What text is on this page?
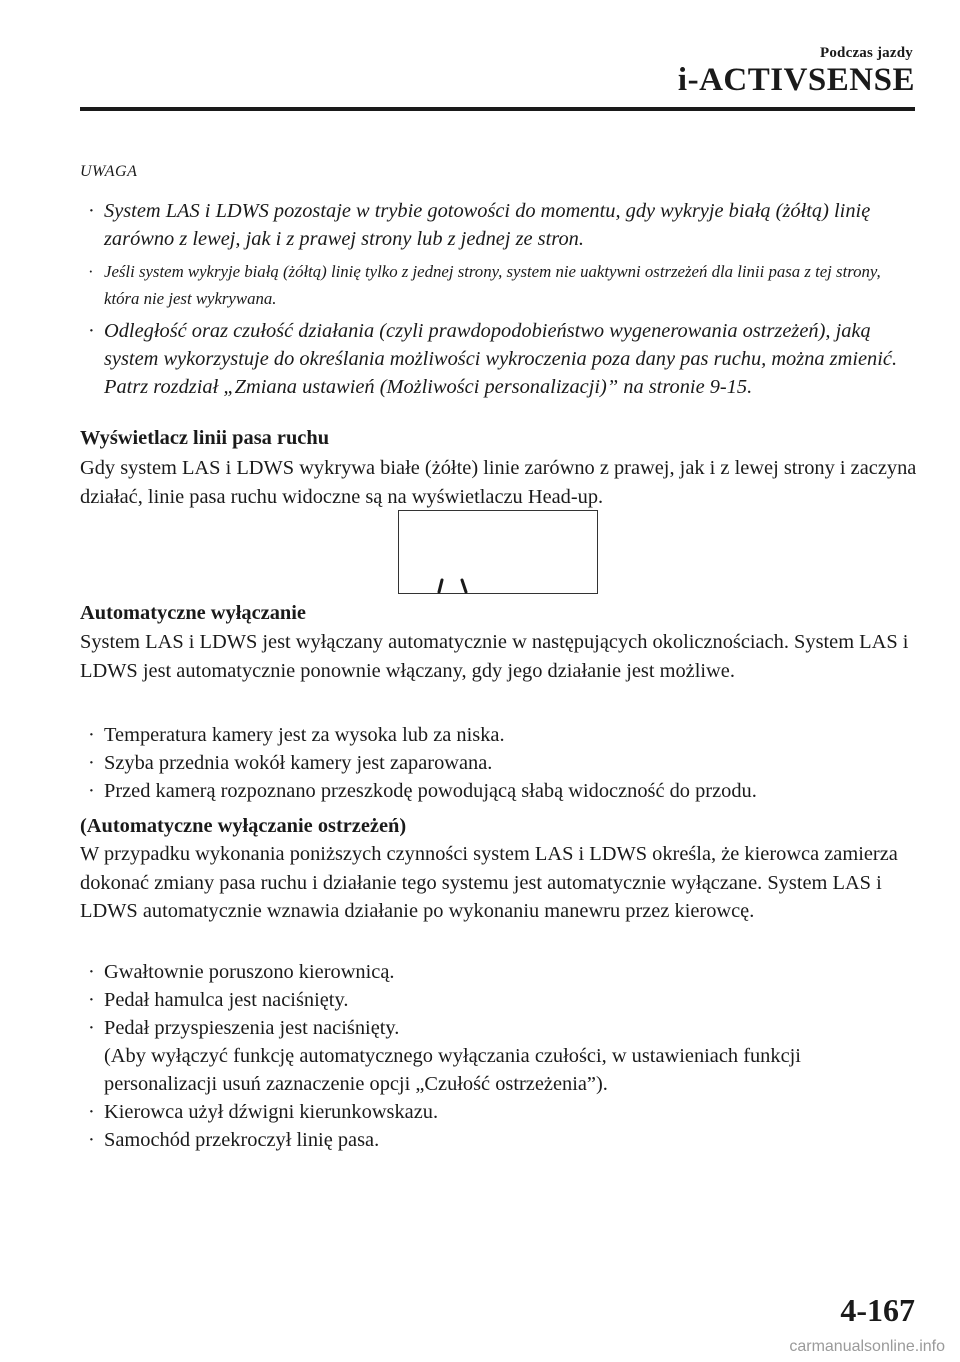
Podczas jazdy
i-ACTIVSENSE
UWAGA
· System LAS i LDWS pozostaje w trybie gotowości do momentu, gdy wykryje białą (żółtą) linię zarówno z lewej, jak i z prawej strony lub z jednej ze stron.
· Jeśli system wykryje białą (żółtą) linię tylko z jednej strony, system nie uaktywni ostrzeżeń dla linii pasa z tej strony, która nie jest wykrywana.
· Odległość oraz czułość działania (czyli prawdopodobieństwo wygenerowania ostrzeżeń), jaką system wykorzystuje do określania możliwości wykroczenia poza dany pas ruchu, można zmienić.
Patrz rozdział „Zmiana ustawień (Możliwości personalizacji)” na stronie 9-15.
Wyświetlacz linii pasa ruchu
Gdy system LAS i LDWS wykrywa białe (żółte) linie zarówno z prawej, jak i z lewej strony i zaczyna działać, linie pasa ruchu widoczne są na wyświetlaczu Head-up.
Automatyczne wyłączanie
System LAS i LDWS jest wyłączany automatycznie w następujących okolicznościach. System LAS i LDWS jest automatycznie ponownie włączany, gdy jego działanie jest możliwe.
· Temperatura kamery jest za wysoka lub za niska.
· Szyba przednia wokół kamery jest zaparowana.
· Przed kamerą rozpoznano przeszkodę powodującą słabą widoczność do przodu.
(Automatyczne wyłączanie ostrzeżeń)
W przypadku wykonania poniższych czynności system LAS i LDWS określa, że kierowca zamierza dokonać zmiany pasa ruchu i działanie tego systemu jest automatycznie wyłączane. System LAS i LDWS automatycznie wznawia działanie po wykonaniu manewru przez kierowcę.
· Gwałtownie poruszono kierownicą.
· Pedał hamulca jest naciśnięty.
· Pedał przyspieszenia jest naciśnięty.
(Aby wyłączyć funkcję automatycznego wyłączania czułości, w ustawieniach funkcji personalizacji usuń zaznaczenie opcji „Czułość ostrzeżenia”).
· Kierowca użył dźwigni kierunkowskazu.
· Samochód przekroczył linię pasa.
4-167
carmanualsonline.info
